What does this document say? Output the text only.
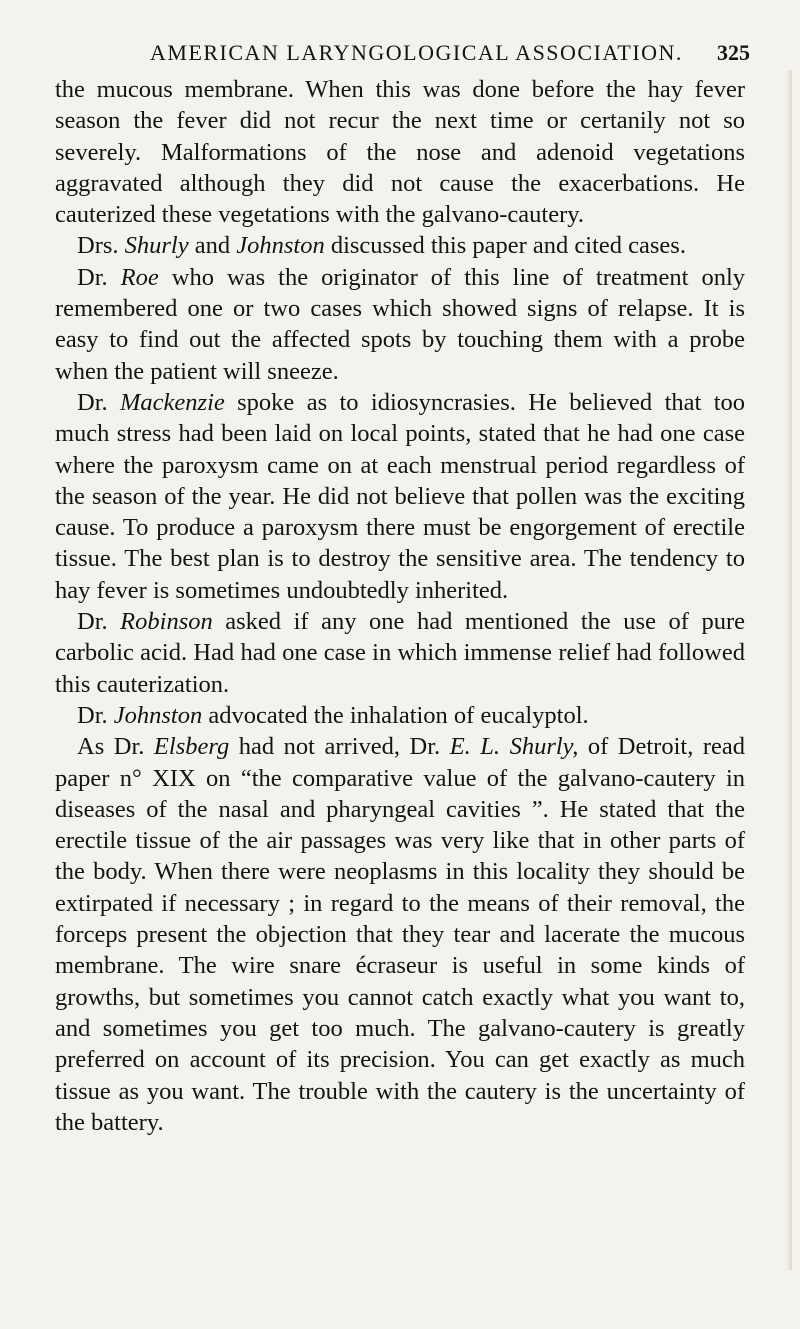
AMERICAN LARYNGOLOGICAL ASSOCIATION. 325

the mucous membrane. When this was done before the hay fever season the fever did not recur the next time or certanily not so severely. Malformations of the nose and adenoid vegetations aggravated although they did not cause the exacerbations. He cauterized these vegetations with the galvano-cautery.

Drs. Shurly and Johnston discussed this paper and cited cases.

Dr. Roe who was the originator of this line of treatment only remembered one or two cases which showed signs of relapse. It is easy to find out the affected spots by touching them with a probe when the patient will sneeze.

Dr. Mackenzie spoke as to idiosyncrasies. He believed that too much stress had been laid on local points, stated that he had one case where the paroxysm came on at each menstrual period regardless of the season of the year. He did not believe that pollen was the exciting cause. To produce a paroxysm there must be engorgement of erectile tissue. The best plan is to destroy the sensitive area. The tendency to hay fever is sometimes undoubtedly inherited.

Dr. Robinson asked if any one had mentioned the use of pure carbolic acid. Had had one case in which immense relief had followed this cauterization.

Dr. Johnston advocated the inhalation of eucalyptol.

As Dr. Elsberg had not arrived, Dr. E. L. Shurly, of Detroit, read paper n° XIX on “the comparative value of the galvano-cautery in diseases of the nasal and pharyngeal cavities ”. He stated that the erectile tissue of the air passages was very like that in other parts of the body. When there were neoplasms in this locality they should be extirpated if necessary ; in regard to the means of their removal, the forceps present the objection that they tear and lacerate the mucous membrane. The wire snare écraseur is useful in some kinds of growths, but sometimes you cannot catch exactly what you want to, and sometimes you get too much. The galvano-cautery is greatly preferred on account of its precision. You can get exactly as much tissue as you want. The trouble with the cautery is the uncertainty of the battery.
